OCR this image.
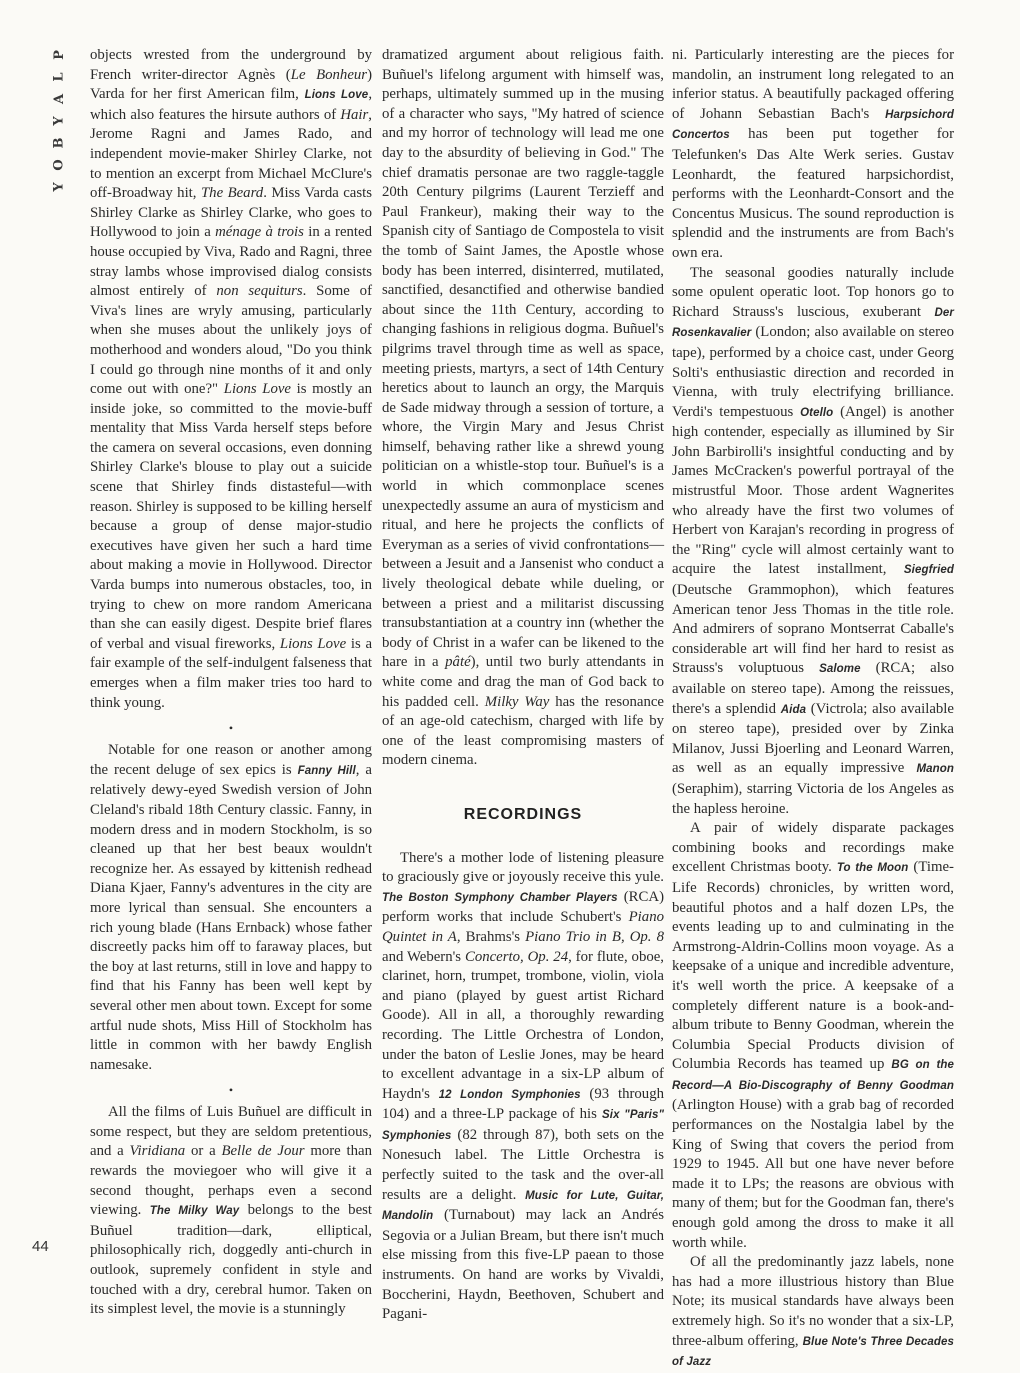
P
L
A
Y
B
O
Y
44

objects wrested from the underground by French writer-director Agnès (Le Bonheur) Varda for her first American film, Lions Love, which also features the hirsute authors of Hair, Jerome Ragni and James Rado, and independent movie-maker Shirley Clarke, not to mention an excerpt from Michael McClure's off-Broadway hit, The Beard. Miss Varda casts Shirley Clarke as Shirley Clarke, who goes to Hollywood to join a ménage à trois in a rented house occupied by Viva, Rado and Ragni, three stray lambs whose improvised dialog consists almost entirely of non sequiturs. Some of Viva's lines are wryly amusing, particularly when she muses about the unlikely joys of motherhood and wonders aloud, "Do you think I could go through nine months of it and only come out with one?" Lions Love is mostly an inside joke, so committed to the movie-buff mentality that Miss Varda herself steps before the camera on several occasions, even donning Shirley Clarke's blouse to play out a suicide scene that Shirley finds distasteful—with reason. Shirley is supposed to be killing herself because a group of dense major-studio executives have given her such a hard time about making a movie in Hollywood. Director Varda bumps into numerous obstacles, too, in trying to chew on more random Americana than she can easily digest. Despite brief flares of verbal and visual fireworks, Lions Love is a fair example of the self-indulgent falseness that emerges when a film maker tries too hard to think young.

•

Notable for one reason or another among the recent deluge of sex epics is Fanny Hill, a relatively dewy-eyed Swedish version of John Cleland's ribald 18th Century classic. Fanny, in modern dress and in modern Stockholm, is so cleaned up that her best beaux wouldn't recognize her. As essayed by kittenish redhead Diana Kjaer, Fanny's adventures in the city are more lyrical than sensual. She encounters a rich young blade (Hans Ernback) whose father discreetly packs him off to faraway places, but the boy at last returns, still in love and happy to find that his Fanny has been well kept by several other men about town. Except for some artful nude shots, Miss Hill of Stockholm has little in common with her bawdy English namesake.

•

All the films of Luis Buñuel are difficult in some respect, but they are seldom pretentious, and a Viridiana or a Belle de Jour more than rewards the moviegoer who will give it a second thought, perhaps even a second viewing. The Milky Way belongs to the best Buñuel tradition—dark, elliptical, philosophically rich, doggedly anti-church in outlook, supremely confident in style and touched with a dry, cerebral humor. Taken on its simplest level, the movie is a stunningly

dramatized argument about religious faith. Buñuel's lifelong argument with himself was, perhaps, ultimately summed up in the musing of a character who says, "My hatred of science and my horror of technology will lead me one day to the absurdity of believing in God." The chief dramatis personae are two raggle-taggle 20th Century pilgrims (Laurent Terzieff and Paul Frankeur), making their way to the Spanish city of Santiago de Compostela to visit the tomb of Saint James, the Apostle whose body has been interred, disinterred, mutilated, sanctified, desanctified and otherwise bandied about since the 11th Century, according to changing fashions in religious dogma. Buñuel's pilgrims travel through time as well as space, meeting priests, martyrs, a sect of 14th Century heretics about to launch an orgy, the Marquis de Sade midway through a session of torture, a whore, the Virgin Mary and Jesus Christ himself, behaving rather like a shrewd young politician on a whistle-stop tour. Buñuel's is a world in which commonplace scenes unexpectedly assume an aura of mysticism and ritual, and here he projects the conflicts of Everyman as a series of vivid confrontations—between a Jesuit and a Jansenist who conduct a lively theological debate while dueling, or between a priest and a militarist discussing transubstantiation at a country inn (whether the body of Christ in a wafer can be likened to the hare in a pâté), until two burly attendants in white come and drag the man of God back to his padded cell. Milky Way has the resonance of an age-old catechism, charged with life by one of the least compromising masters of modern cinema.

RECORDINGS

There's a mother lode of listening pleasure to graciously give or joyously receive this yule. The Boston Symphony Chamber Players (RCA) perform works that include Schubert's Piano Quintet in A, Brahms's Piano Trio in B, Op. 8 and Webern's Concerto, Op. 24, for flute, oboe, clarinet, horn, trumpet, trombone, violin, viola and piano (played by guest artist Richard Goode). All in all, a thoroughly rewarding recording. The Little Orchestra of London, under the baton of Leslie Jones, may be heard to excellent advantage in a six-LP album of Haydn's 12 London Symphonies (93 through 104) and a three-LP package of his Six "Paris" Symphonies (82 through 87), both sets on the Nonesuch label. The Little Orchestra is perfectly suited to the task and the over-all results are a delight. Music for Lute, Guitar, Mandolin (Turnabout) may lack an Andrés Segovia or a Julian Bream, but there isn't much else missing from this five-LP paean to those instruments. On hand are works by Vivaldi, Boccherini, Haydn, Beethoven, Schubert and Pagani-

ni. Particularly interesting are the pieces for mandolin, an instrument long relegated to an inferior status. A beautifully packaged offering of Johann Sebastian Bach's Harpsichord Concertos has been put together for Telefunken's Das Alte Werk series. Gustav Leonhardt, the featured harpsichordist, performs with the Leonhardt-Consort and the Concentus Musicus. The sound reproduction is splendid and the instruments are from Bach's own era.

The seasonal goodies naturally include some opulent operatic loot. Top honors go to Richard Strauss's luscious, exuberant Der Rosenkavalier (London; also available on stereo tape), performed by a choice cast, under Georg Solti's enthusiastic direction and recorded in Vienna, with truly electrifying brilliance. Verdi's tempestuous Otello (Angel) is another high contender, especially as illumined by Sir John Barbirolli's insightful conducting and by James McCracken's powerful portrayal of the mistrustful Moor. Those ardent Wagnerites who already have the first two volumes of Herbert von Karajan's recording in progress of the "Ring" cycle will almost certainly want to acquire the latest installment, Siegfried (Deutsche Grammophon), which features American tenor Jess Thomas in the title role. And admirers of soprano Montserrat Caballe's considerable art will find her hard to resist as Strauss's voluptuous Salome (RCA; also available on stereo tape). Among the reissues, there's a splendid Aida (Victrola; also available on stereo tape), presided over by Zinka Milanov, Jussi Bjoerling and Leonard Warren, as well as an equally impressive Manon (Seraphim), starring Victoria de los Angeles as the hapless heroine.

A pair of widely disparate packages combining books and recordings make excellent Christmas booty. To the Moon (Time-Life Records) chronicles, by written word, beautiful photos and a half dozen LPs, the events leading up to and culminating in the Armstrong-Aldrin-Collins moon voyage. As a keepsake of a unique and incredible adventure, it's well worth the price. A keepsake of a completely different nature is a book-and-album tribute to Benny Goodman, wherein the Columbia Special Products division of Columbia Records has teamed up BG on the Record—A Bio-Discography of Benny Goodman (Arlington House) with a grab bag of recorded performances on the Nostalgia label by the King of Swing that covers the period from 1929 to 1945. All but one have never before made it to LPs; the reasons are obvious with many of them; but for the Goodman fan, there's enough gold among the dross to make it all worth while.

Of all the predominantly jazz labels, none has had a more illustrious history than Blue Note; its musical standards have always been extremely high. So it's no wonder that a six-LP, three-album offering, Blue Note's Three Decades of Jazz
